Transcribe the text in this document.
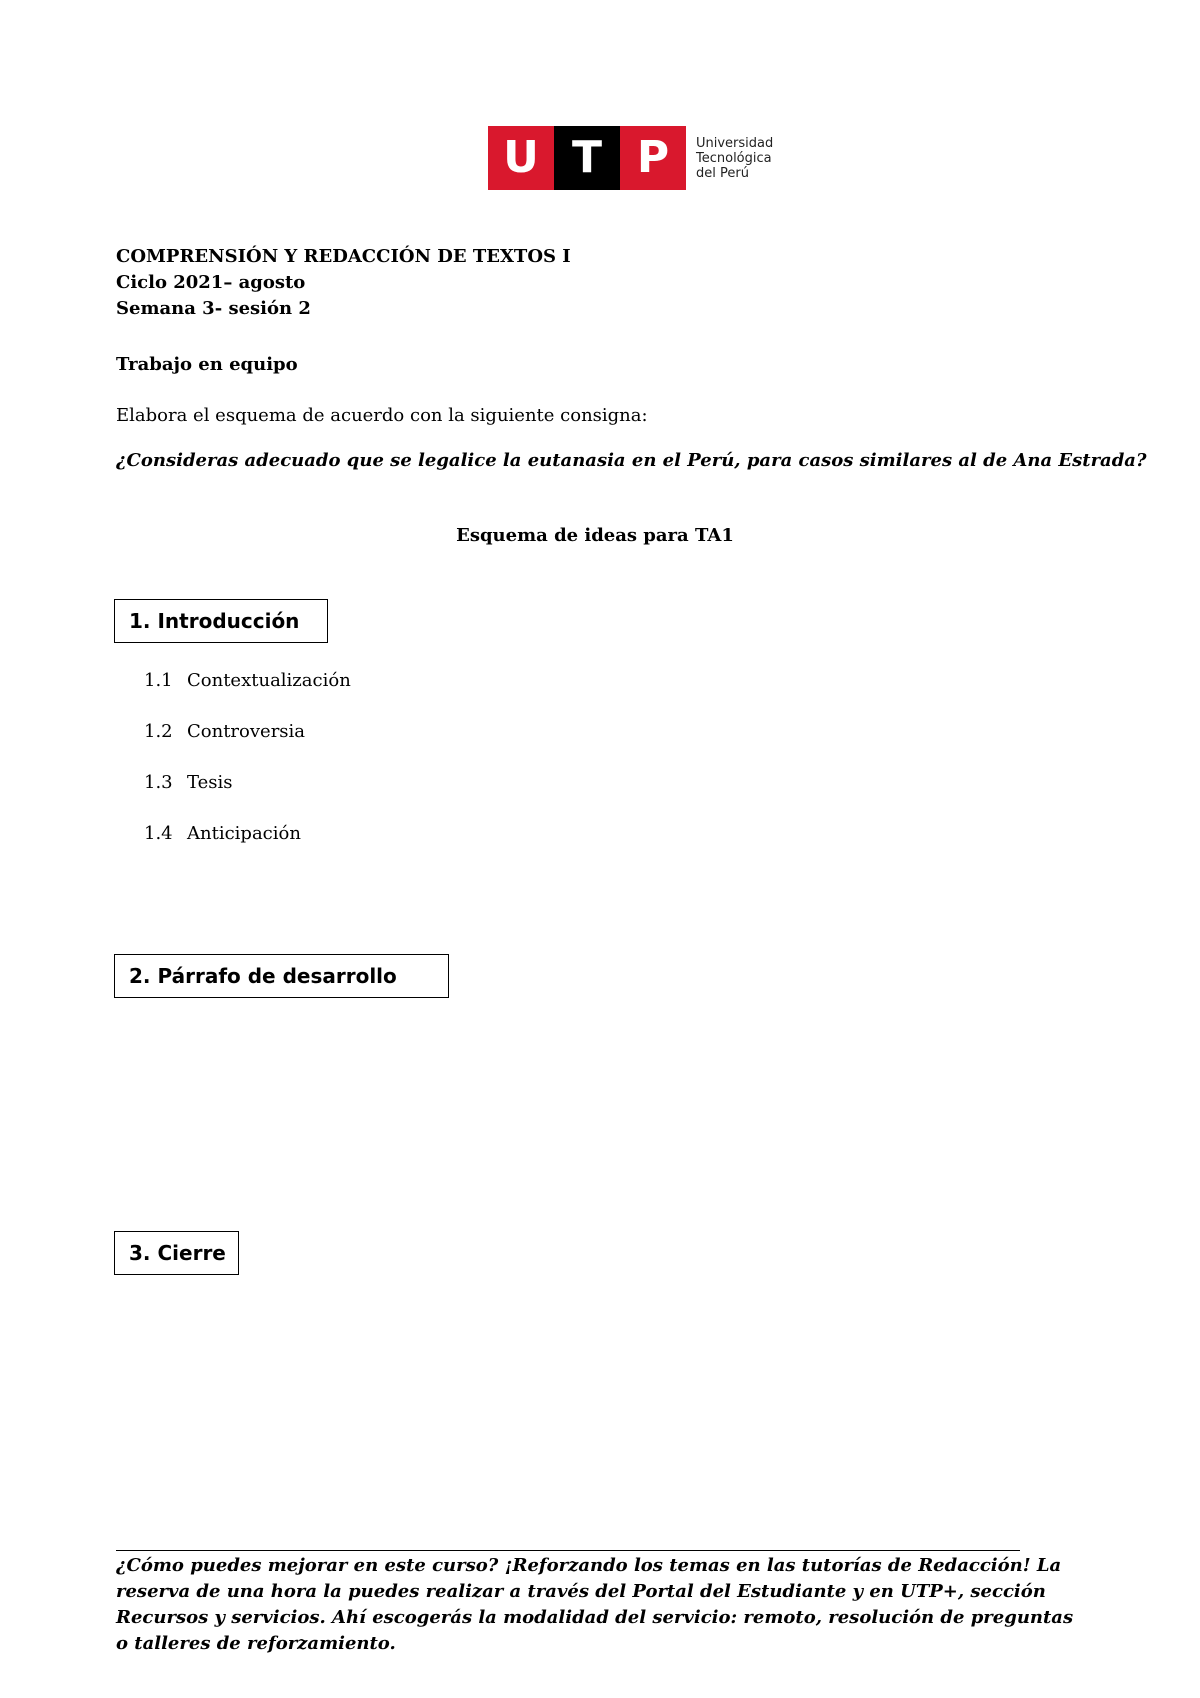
U T P	Universidad
Tecnológica
del Perú
COMPRENSIÓN Y REDACCIÓN DE TEXTOS I
Ciclo 2021– agosto
Semana 3- sesión 2
Trabajo en equipo
Elabora el esquema de acuerdo con la siguiente consigna:
¿Consideras adecuado que se legalice la eutanasia en el Perú, para casos similares al de Ana Estrada?
Esquema de ideas para TA1
1. Introducción
1.1 Contextualización
1.2 Controversia
1.3 Tesis
1.4 Anticipación
2. Párrafo de desarrollo
3. Cierre
¿Cómo puedes mejorar en este curso? ¡Reforzando los temas en las tutorías de Redacción! La reserva de una hora la puedes realizar a través del Portal del Estudiante y en UTP+, sección Recursos y servicios. Ahí escogerás la modalidad del servicio: remoto, resolución de preguntas o talleres de reforzamiento.
